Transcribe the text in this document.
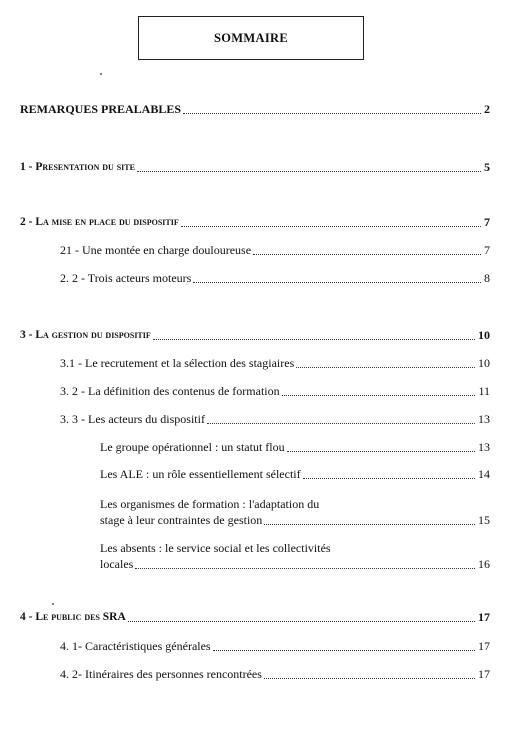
SOMMAIRE
REMARQUES PREALABLES	2
1 - Presentation du site	5
2 - La mise en place du dispositif	7
21 - Une montée en charge douloureuse	7
2. 2 - Trois acteurs moteurs	8
3 - La gestion du dispositif	10
3.1 - Le recrutement et la sélection des stagiaires	10
3. 2 - La définition des contenus de formation	11
3. 3 - Les acteurs du dispositif	13
Le groupe opérationnel : un statut flou	13
Les ALE : un rôle essentiellement sélectif	14
Les organismes de formation : l'adaptation du
stage à leur contraintes de gestion	15
Les absents : le service social et les collectivités
locales	16
4 - Le public des SRA	17
4. 1- Caractéristiques générales	17
4. 2- Itinéraires des personnes rencontrées	17
